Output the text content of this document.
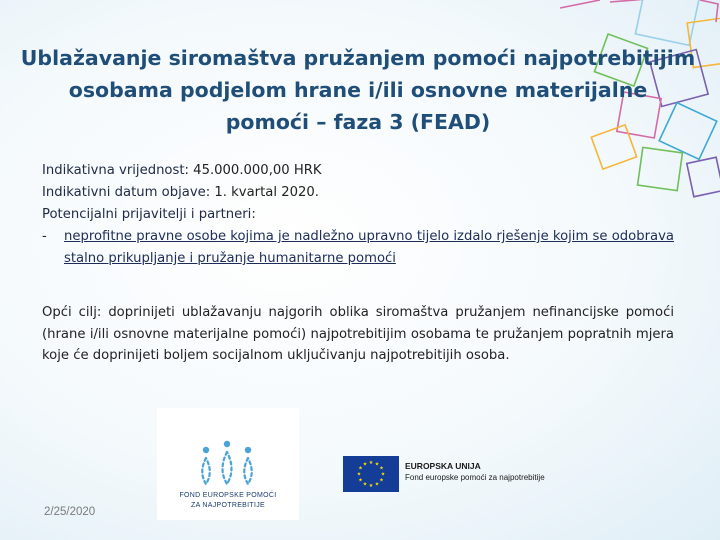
Ublažavanje siromaštva pružanjem pomoći najpotrebitijim
osobama podjelom hrane i/ili osnovne materijalne
pomoći – faza 3 (FEAD)
Indikativna vrijednost: 45.000.000,00 HRK
Indikativni datum objave: 1. kvartal 2020.
Potencijalni prijavitelji i partneri:
-	neprofitne pravne osobe kojima je nadležno upravno tijelo izdalo rješenje kojim se odobrava stalno prikupljanje i pružanje humanitarne pomoći
Opći cilj: doprinijeti ublažavanju najgorih oblika siromaštva pružanjem nefinancijske pomoći (hrane i/ili osnovne materijalne pomoći) najpotrebitijim osobama te pružanjem popratnih mjera koje će doprinijeti boljem socijalnom uključivanju najpotrebitijih osoba.
FOND EUROPSKE POMOĆI
ZA NAJPOTREBITIJE
★ ★
★
★
★
★
★
★
★
★
★
★	EUROPSKA UNIJA
Fond europske pomoći za najpotrebitije
2/25/2020
